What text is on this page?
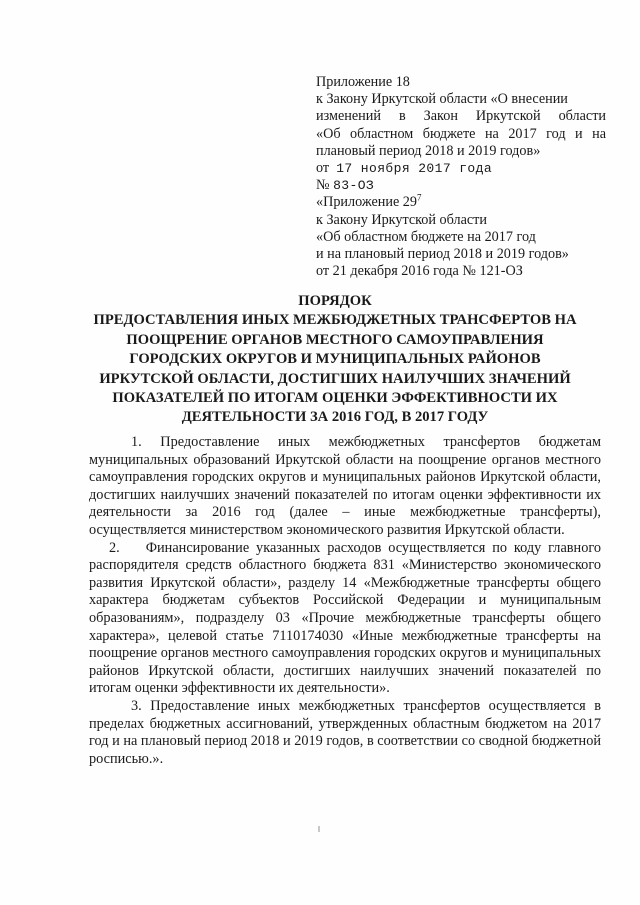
Приложение 18
к Закону Иркутской области «О внесении
изменений в Закон Иркутской области
«Об областном бюджете на 2017 год и на
плановый период 2018 и 2019 годов»
от 17 ноября 2017 года
№ 83-ОЗ
«Приложение $29^7$
к Закону Иркутской области
«Об областном бюджете на 2017 год
и на плановый период 2018 и 2019 годов»
от 21 декабря 2016 года № 121-ОЗ
ПОРЯДОК
ПРЕДОСТАВЛЕНИЯ ИНЫХ МЕЖБЮДЖЕТНЫХ ТРАНСФЕРТОВ НА
ПООЩРЕНИЕ ОРГАНОВ МЕСТНОГО САМОУПРАВЛЕНИЯ
ГОРОДСКИХ ОКРУГОВ И МУНИЦИПАЛЬНЫХ РАЙОНОВ
ИРКУТСКОЙ ОБЛАСТИ, ДОСТИГШИХ НАИЛУЧШИХ ЗНАЧЕНИЙ
ПОКАЗАТЕЛЕЙ ПО ИТОГАМ ОЦЕНКИ ЭФФЕКТИВНОСТИ ИХ
ДЕЯТЕЛЬНОСТИ ЗА 2016 ГОД, В 2017 ГОДУ

1. Предоставление иных межбюджетных трансфертов бюджетам муниципальных образований Иркутской области на поощрение органов местного самоуправления городских округов и муниципальных районов Иркутской области, достигших наилучших значений показателей по итогам оценки эффективности их деятельности за 2016 год (далее – иные межбюджетные трансферты), осуществляется министерством экономического развития Иркутской области.

2. Финансирование указанных расходов осуществляется по коду главного распорядителя средств областного бюджета 831 «Министерство экономического развития Иркутской области», разделу 14 «Межбюджетные трансферты общего характера бюджетам субъектов Российской Федерации и муниципальным образованиям», подразделу 03 «Прочие межбюджетные трансферты общего характера», целевой статье 7110174030 «Иные межбюджетные трансферты на поощрение органов местного самоуправления городских округов и муниципальных районов Иркутской области, достигших наилучших значений показателей по итогам оценки эффективности их деятельности».

3. Предоставление иных межбюджетных трансфертов осуществляется в пределах бюджетных ассигнований, утвержденных областным бюджетом на 2017 год и на плановый период 2018 и 2019 годов, в соответствии со сводной бюджетной росписью.».
